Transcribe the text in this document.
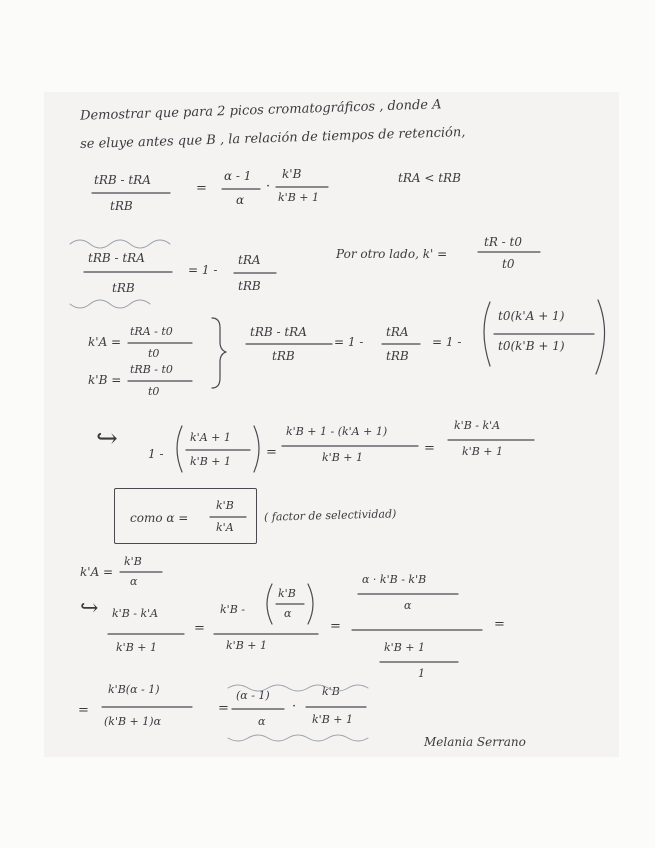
Demostrar que para 2 picos cromatográficos , donde A
se eluye antes que B , la relación de tiempos de retención,
tRB - tRA
tRB
=
α - 1
α
·
k'B
k'B + 1
tRA < tRB
tRB - tRA
tRB
= 1 -
tRA
tRB
Por otro lado, k' =
tR - t0
t0
k'A =
tRA - t0
t0
k'B =
tRB - t0
t0
tRB - tRA
tRB
= 1 -
tRA
tRB
= 1 -
t0(k'A + 1)
t0(k'B + 1)
↪	1 -
k'A + 1
k'B + 1
=
k'B + 1 - (k'A + 1)
k'B + 1
=
k'B - k'A
k'B + 1
como α =
k'B
k'A
( factor de selectividad)
k'A =
k'B
α
↪ k'B - k'A
k'B + 1
=
k'B -
k'B
α
k'B + 1
=
α · k'B - k'B
α
k'B + 1
1
=
=
k'B(α - 1)
(k'B + 1)α
=
(α - 1)
α
·
k'B
k'B + 1
Melania Serrano
